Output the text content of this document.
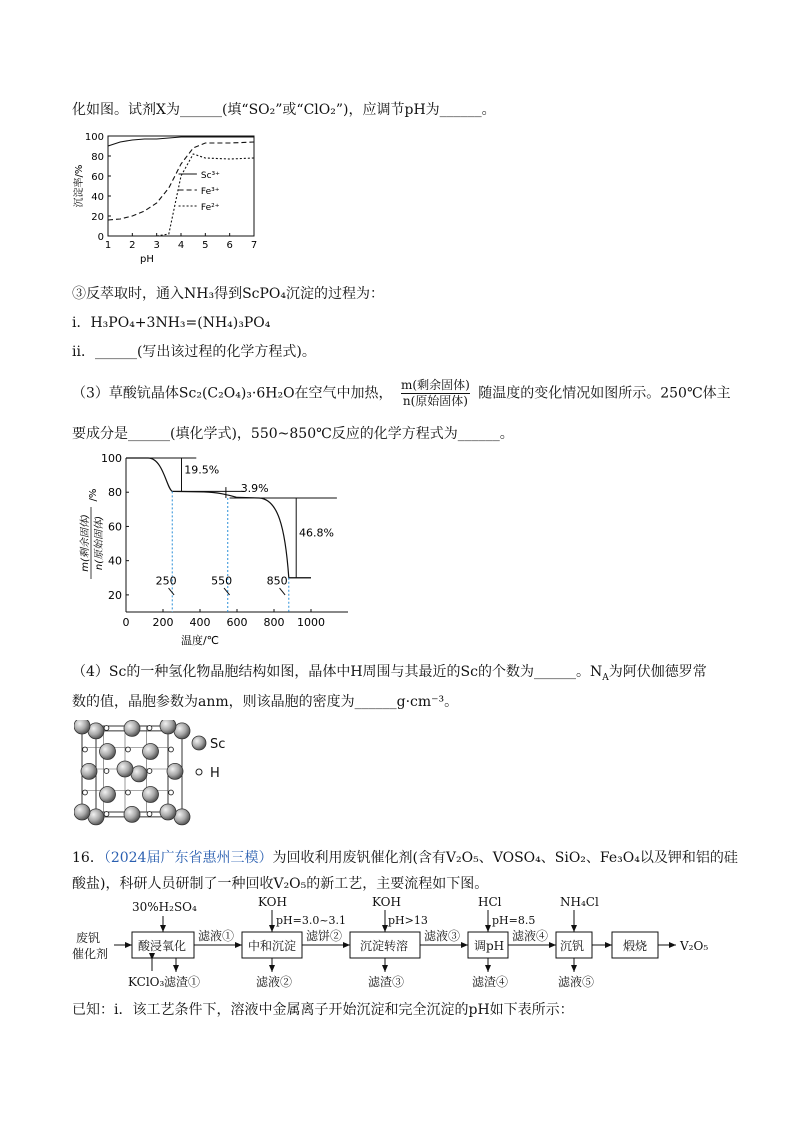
化如图。试剂X为______(填“SO₂”或“ClO₂”)，应调节pH为______。
100
80
60
40
20
0
1 2 3 4 5 6 7
pH
沉淀率/%	Sc³⁺
Fe³⁺
Fe²⁺
③反萃取时，通入NH₃得到ScPO₄沉淀的过程为：
i．H₃PO₄+3NH₃=(NH₄)₃PO₄
ii．______(写出该过程的化学方程式)。
（3）草酸钪晶体Sc₂(C₂O₄)₃·6H₂O在空气中加热，
m(剩余固体)
n(原始固体) 随温度的变化情况如图所示。250℃体主
要成分是______(填化学式)，550~850℃反应的化学方程式为______。
100
80
60
40
20
0 200 400 600 800 1000
温度/℃
m(剩余固体) n(原始固体)
/%
19.5%
3.9%
46.8%
250	550	850
（4）Sc的一种氢化物晶胞结构如图，晶体中H周围与其最近的Sc的个数为______。$N_A$为阿伏伽德罗常
数的值，晶胞参数为anm，则该晶胞的密度为______g·cm⁻³。
Sc
H
16．（2024届广东省惠州三模）为回收利用废钒催化剂(含有V₂O₅、VOSO₄、SiO₂、Fe₃O₄以及钾和铝的硅
酸盐)，科研人员研制了一种回收V₂O₅的新工艺，主要流程如下图。
废钒
催化剂
30%H₂SO₄
酸浸氧化
KClO₃ 滤渣①
滤液①
KOH
pH=3.0~3.1
中和沉淀
滤液②
滤饼②
KOH
pH>13
沉淀转溶
滤渣③
滤液③
HCl
pH=8.5
调pH
滤渣④
滤液④
NH₄Cl
沉钒
滤液⑤
煅烧	V₂O₅
已知：i．该工艺条件下，溶液中金属离子开始沉淀和完全沉淀的pH如下表所示：
